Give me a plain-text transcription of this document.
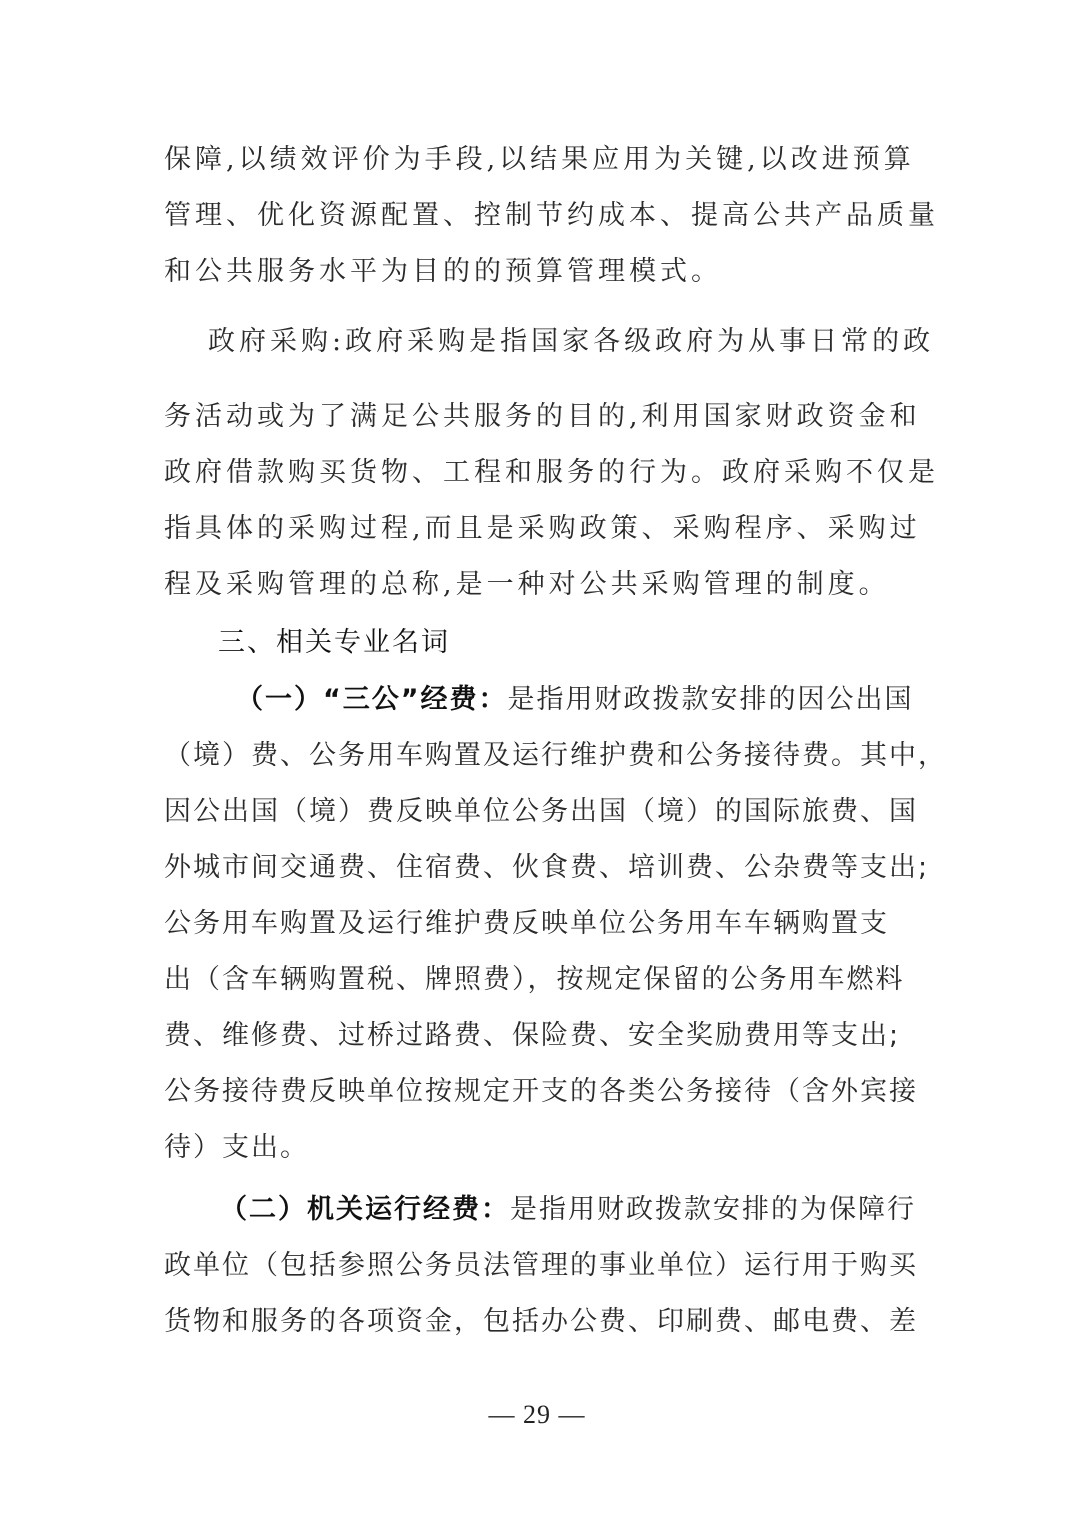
保障,以绩效评价为手段,以结果应用为关键,以改进预算
管理、优化资源配置、控制节约成本、提高公共产品质量
和公共服务水平为目的的预算管理模式。
政府采购:政府采购是指国家各级政府为从事日常的政
务活动或为了满足公共服务的目的,利用国家财政资金和
政府借款购买货物、工程和服务的行为。政府采购不仅是
指具体的采购过程,而且是采购政策、采购程序、采购过
程及采购管理的总称,是一种对公共采购管理的制度。
三、相关专业名词
（一）“三公”经费：是指用财政拨款安排的因公出国
（境）费、公务用车购置及运行维护费和公务接待费。其中，
因公出国（境）费反映单位公务出国（境）的国际旅费、国
外城市间交通费、住宿费、伙食费、培训费、公杂费等支出;
公务用车购置及运行维护费反映单位公务用车车辆购置支
出（含车辆购置税、牌照费），按规定保留的公务用车燃料
费、维修费、过桥过路费、保险费、安全奖励费用等支出;
公务接待费反映单位按规定开支的各类公务接待（含外宾接
待）支出。
（二）机关运行经费：是指用财政拨款安排的为保障行
政单位（包括参照公务员法管理的事业单位）运行用于购买
货物和服务的各项资金，包括办公费、印刷费、邮电费、差
— 29 —
